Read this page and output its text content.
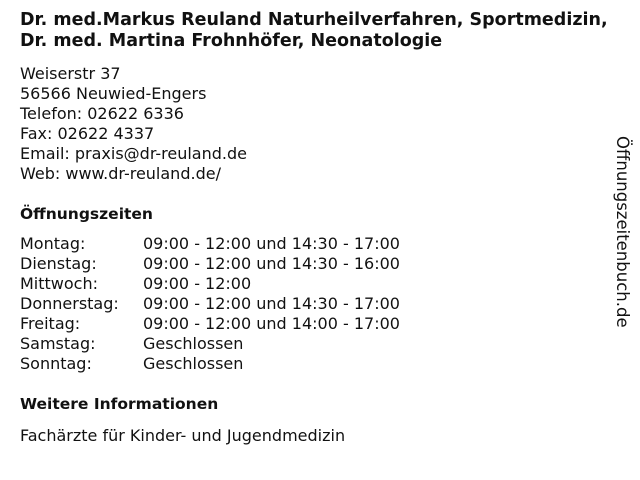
Dr. med.Markus Reuland Naturheilverfahren, Sportmedizin, Dr. med. Martina Frohnhöfer, Neonatologie
Weiserstr 37
56566 Neuwied-Engers
Telefon: 02622 6336
Fax: 02622 4337
Email: praxis@dr-reuland.de
Web: www.dr-reuland.de/
Öffnungszeiten
Montag:	09:00 - 12:00 und 14:30 - 17:00
Dienstag:	09:00 - 12:00 und 14:30 - 16:00
Mittwoch:	09:00 - 12:00
Donnerstag:	09:00 - 12:00 und 14:30 - 17:00
Freitag:	09:00 - 12:00 und 14:00 - 17:00
Samstag:	Geschlossen
Sonntag:	Geschlossen
Weitere Informationen
Fachärzte für Kinder- und Jugendmedizin
Öffnungszeitenbuch.de
